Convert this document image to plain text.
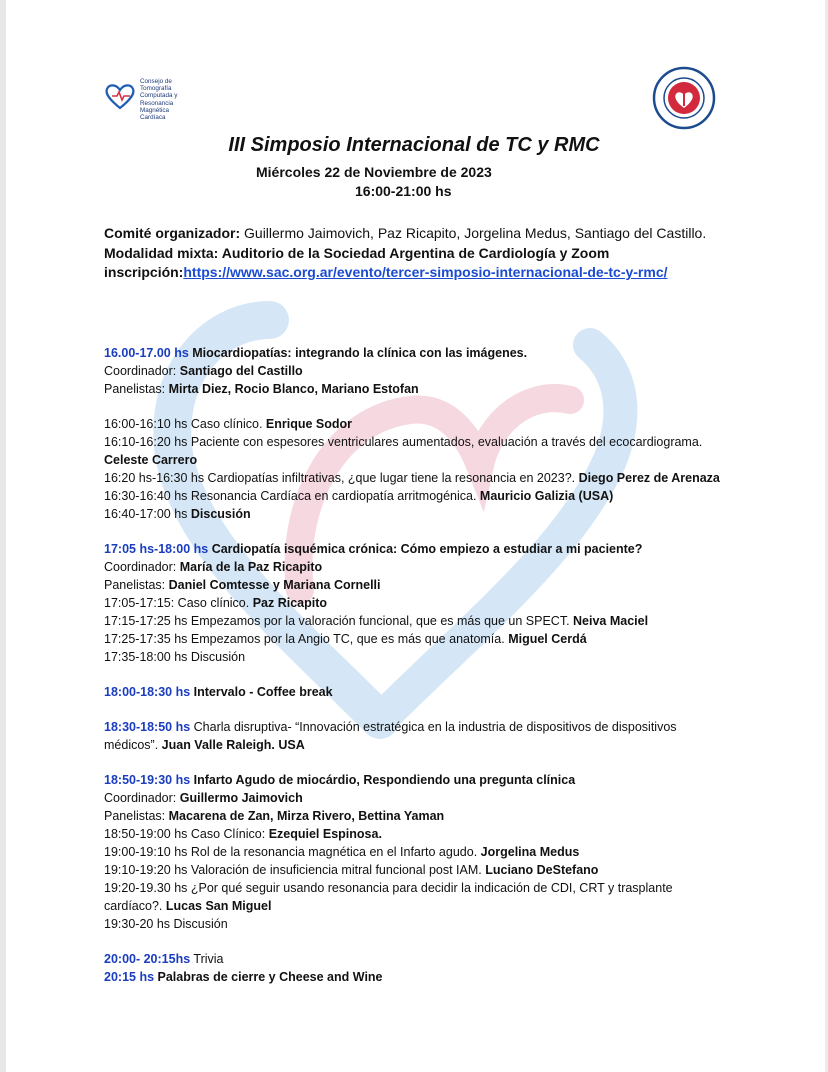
Consejo de
Tomografía
Computada y
Resonancia
Magnética
Cardíaca
III Simposio Internacional de TC y RMC
Miércoles 22 de Noviembre de 2023
16:00-21:00 hs

Comité organizador: Guillermo Jaimovich, Paz Ricapito, Jorgelina Medus, Santiago del Castillo.

Modalidad mixta: Auditorio de la Sociedad Argentina de Cardiología y Zoom

inscripción:https://www.sac.org.ar/evento/tercer-simposio-internacional-de-tc-y-rmc/

16.00-17.00 hs Miocardiopatías: integrando la clínica con las imágenes.

Coordinador: Santiago del Castillo

Panelistas: Mirta Diez, Rocio Blanco, Mariano Estofan

16:00-16:10 hs Caso clínico. Enrique Sodor

16:10-16:20 hs Paciente con espesores ventriculares aumentados, evaluación a través del ecocardiograma. Celeste Carrero

16:20 hs-16:30 hs Cardiopatías infiltrativas, ¿que lugar tiene la resonancia en 2023?. Diego Perez de Arenaza

16:30-16:40 hs Resonancia Cardíaca en cardiopatía arritmogénica. Mauricio Galizia (USA)

16:40-17:00 hs Discusión

17:05 hs-18:00 hs Cardiopatía isquémica crónica: Cómo empiezo a estudiar a mi paciente?

Coordinador: María de la Paz Ricapito

Panelistas: Daniel Comtesse y Mariana Cornelli

17:05-17:15: Caso clínico. Paz Ricapito

17:15-17:25 hs Empezamos por la valoración funcional, que es más que un SPECT. Neiva Maciel

17:25-17:35 hs Empezamos por la Angio TC, que es más que anatomía. Miguel Cerdá

17:35-18:00 hs Discusión

18:00-18:30 hs Intervalo - Coffee break

18:30-18:50 hs Charla disruptiva- “Innovación estratégica en la industria de dispositivos de dispositivos médicos”. Juan Valle Raleigh. USA

18:50-19:30 hs Infarto Agudo de miocárdio, Respondiendo una pregunta clínica

Coordinador: Guillermo Jaimovich

Panelistas: Macarena de Zan, Mirza Rivero, Bettina Yaman

18:50-19:00 hs Caso Clínico: Ezequiel Espinosa.

19:00-19:10 hs Rol de la resonancia magnética en el Infarto agudo. Jorgelina Medus

19:10-19:20 hs Valoración de insuficiencia mitral funcional post IAM. Luciano DeStefano

19:20-19.30 hs ¿Por qué seguir usando resonancia para decidir la indicación de CDI, CRT y trasplante cardíaco?. Lucas San Miguel

19:30-20 hs Discusión

20:00- 20:15hs Trivia

20:15 hs Palabras de cierre y Cheese and Wine
